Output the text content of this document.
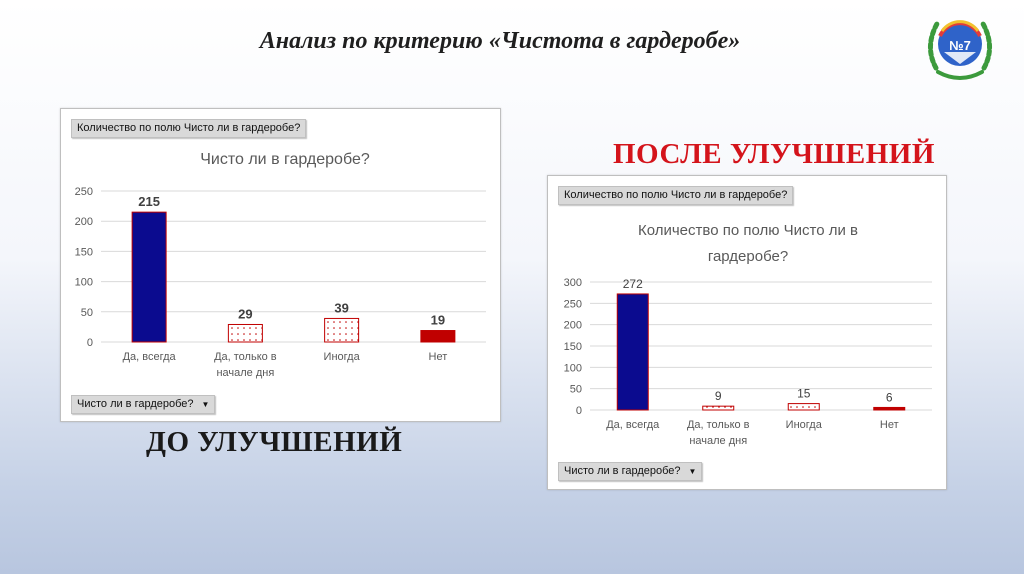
Анализ по критерию «Чистота в гардеробе»	№7
ПОСЛЕ УЛУЧШЕНИЙ
ДО УЛУЧШЕНИЙ
Количество по полю Чисто ли в гардеробе?
Чисто ли в гардеробе?
0
50
100
150
200
250
215
Да, всегда
29
Да, только в
начале дня
39
Иногда
19
Нет
Чисто ли в гардеробе? ▼
Количество по полю Чисто ли в гардеробе?
Количество по полю Чисто ли в
гардеробе?
0
50
100
150
200
250
300	272
Да, всегда
9
Да, только в
начале дня
15
Иногда
6
Нет
Чисто ли в гардеробе? ▼
